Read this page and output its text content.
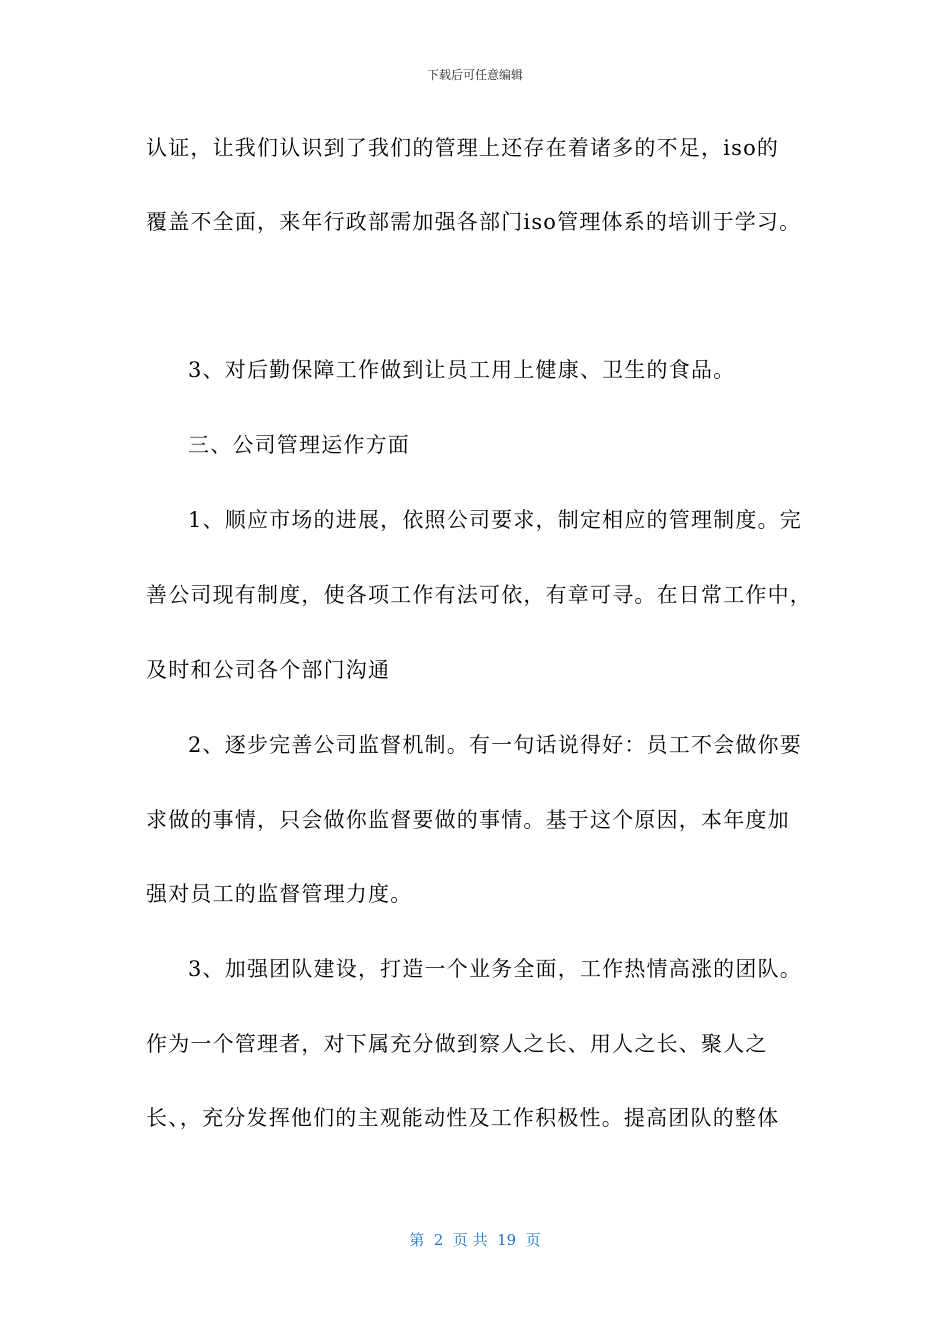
下载后可任意编辑
认证，让我们认识到了我们的管理上还存在着诸多的不足，iso的
覆盖不全面，来年行政部需加强各部门iso管理体系的培训于学习。
3、对后勤保障工作做到让员工用上健康、卫生的食品。
三、公司管理运作方面
1、顺应市场的进展，依照公司要求，制定相应的管理制度。完
善公司现有制度，使各项工作有法可依，有章可寻。在日常工作中，
及时和公司各个部门沟通
2、逐步完善公司监督机制。有一句话说得好：员工不会做你要
求做的事情，只会做你监督要做的事情。基于这个原因，本年度加
强对员工的监督管理力度。
3、加强团队建设，打造一个业务全面，工作热情高涨的团队。
作为一个管理者，对下属充分做到察人之长、用人之长、聚人之
长、，充分发挥他们的主观能动性及工作积极性。提高团队的整体
第  2  页 共  19  页
